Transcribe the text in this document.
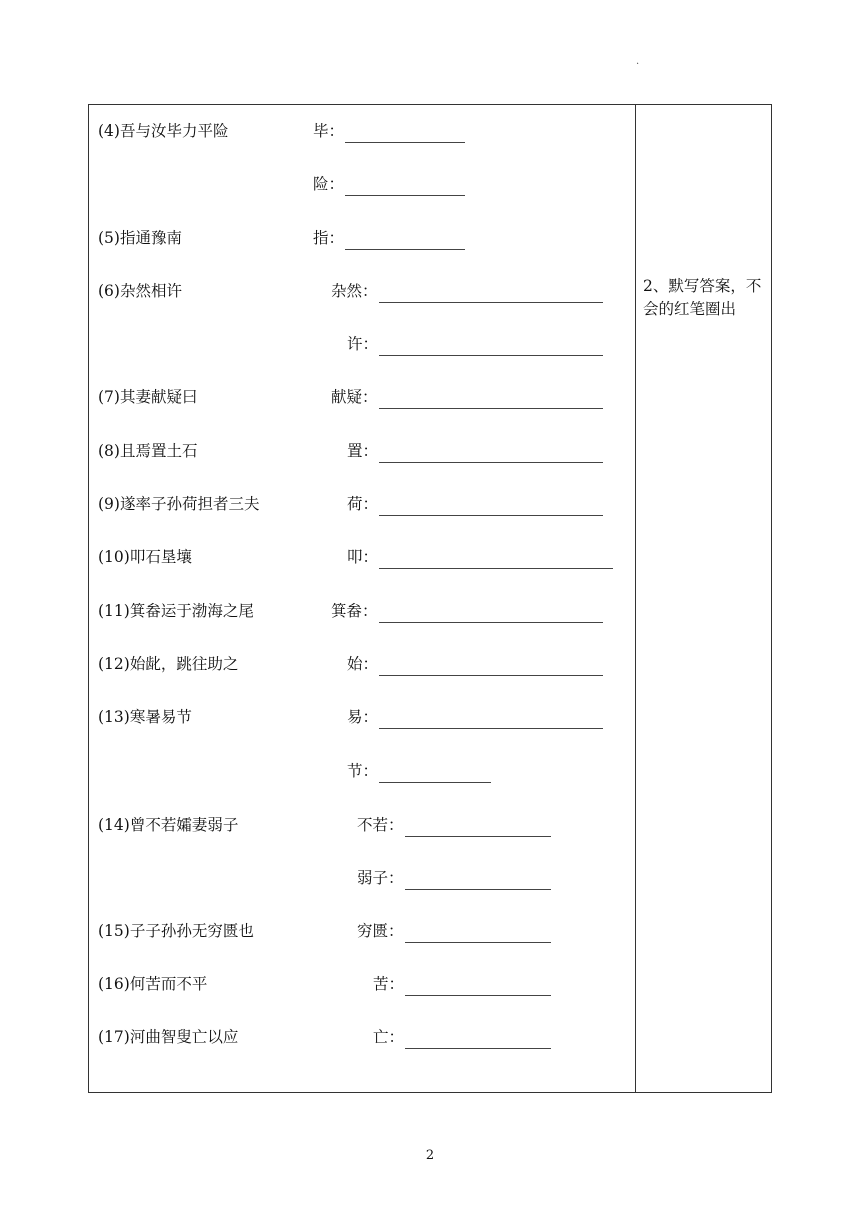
.
(4)吾与汝毕力平险	毕：
险：
(5)指通豫南	指：
(6)杂然相许	杂然：
许：
(7)其妻献疑曰	献疑：
(8)且焉置土石	置：
(9)遂率子孙荷担者三夫	荷：
(10)叩石垦壤	叩：
(11)箕畚运于渤海之尾	箕畚：
(12)始龀，跳往助之	始：
(13)寒暑易节	易：
节：
(14)曾不若孀妻弱子	不若：
弱子：
(15)子子孙孙无穷匮也	穷匮：
(16)何苦而不平	苦：
(17)河曲智叟亡以应	亡：
2、默写答案，不会的红笔圈出
2
